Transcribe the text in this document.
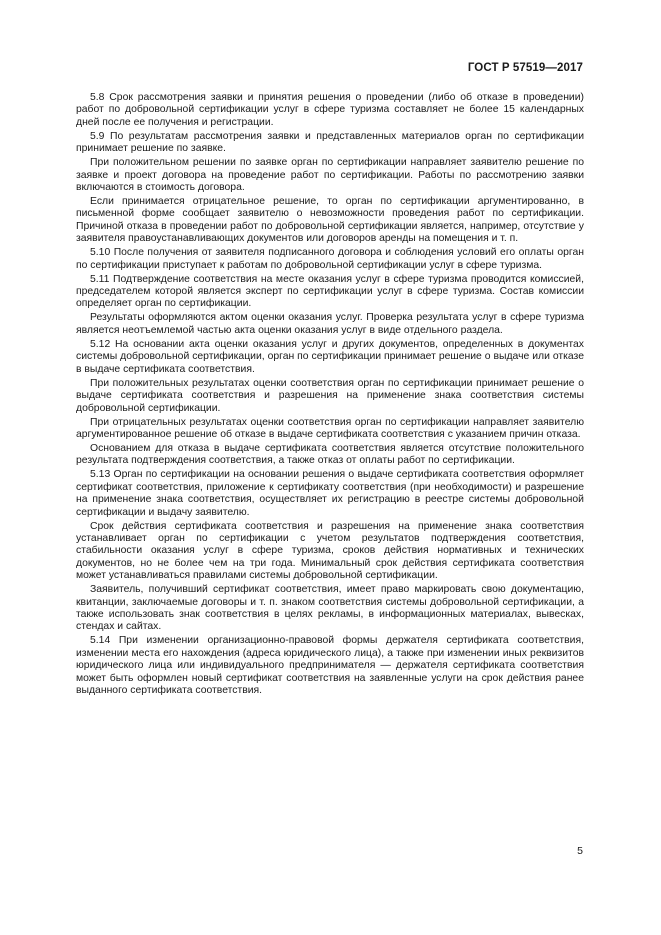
ГОСТ Р 57519—2017

5.8 Срок рассмотрения заявки и принятия решения о проведении (либо об отказе в проведении) работ по добровольной сертификации услуг в сфере туризма составляет не более 15 календарных дней после ее получения и регистрации.

5.9 По результатам рассмотрения заявки и представленных материалов орган по сертификации принимает решение по заявке.

При положительном решении по заявке орган по сертификации направляет заявителю решение по заявке и проект договора на проведение работ по сертификации. Работы по рассмотрению заявки включаются в стоимость договора.

Если принимается отрицательное решение, то орган по сертификации аргументированно, в письменной форме сообщает заявителю о невозможности проведения работ по сертификации. Причиной отказа в проведении работ по добровольной сертификации является, например, отсутствие у заявителя правоустанавливающих документов или договоров аренды на помещения и т. п.

5.10 После получения от заявителя подписанного договора и соблюдения условий его оплаты орган по сертификации приступает к работам по добровольной сертификации услуг в сфере туризма.

5.11 Подтверждение соответствия на месте оказания услуг в сфере туризма проводится комиссией, председателем которой является эксперт по сертификации услуг в сфере туризма. Состав комиссии определяет орган по сертификации.

Результаты оформляются актом оценки оказания услуг. Проверка результата услуг в сфере туризма является неотъемлемой частью акта оценки оказания услуг в виде отдельного раздела.

5.12 На основании акта оценки оказания услуг и других документов, определенных в документах системы добровольной сертификации, орган по сертификации принимает решение о выдаче или отказе в выдаче сертификата соответствия.

При положительных результатах оценки соответствия орган по сертификации принимает решение о выдаче сертификата соответствия и разрешения на применение знака соответствия системы добровольной сертификации.

При отрицательных результатах оценки соответствия орган по сертификации направляет заявителю аргументированное решение об отказе в выдаче сертификата соответствия с указанием причин отказа.

Основанием для отказа в выдаче сертификата соответствия является отсутствие положительного результата подтверждения соответствия, а также отказ от оплаты работ по сертификации.

5.13 Орган по сертификации на основании решения о выдаче сертификата соответствия оформляет сертификат соответствия, приложение к сертификату соответствия (при необходимости) и разрешение на применение знака соответствия, осуществляет их регистрацию в реестре системы добровольной сертификации и выдачу заявителю.

Срок действия сертификата соответствия и разрешения на применение знака соответствия устанавливает орган по сертификации с учетом результатов подтверждения соответствия, стабильности оказания услуг в сфере туризма, сроков действия нормативных и технических документов, но не более чем на три года. Минимальный срок действия сертификата соответствия может устанавливаться правилами системы добровольной сертификации.

Заявитель, получивший сертификат соответствия, имеет право маркировать свою документацию, квитанции, заключаемые договоры и т. п. знаком соответствия системы добровольной сертификации, а также использовать знак соответствия в целях рекламы, в информационных материалах, вывесках, стендах и сайтах.

5.14 При изменении организационно-правовой формы держателя сертификата соответствия, изменении места его нахождения (адреса юридического лица), а также при изменении иных реквизитов юридического лица или индивидуального предпринимателя — держателя сертификата соответствия может быть оформлен новый сертификат соответствия на заявленные услуги на срок действия ранее выданного сертификата соответствия.

5
